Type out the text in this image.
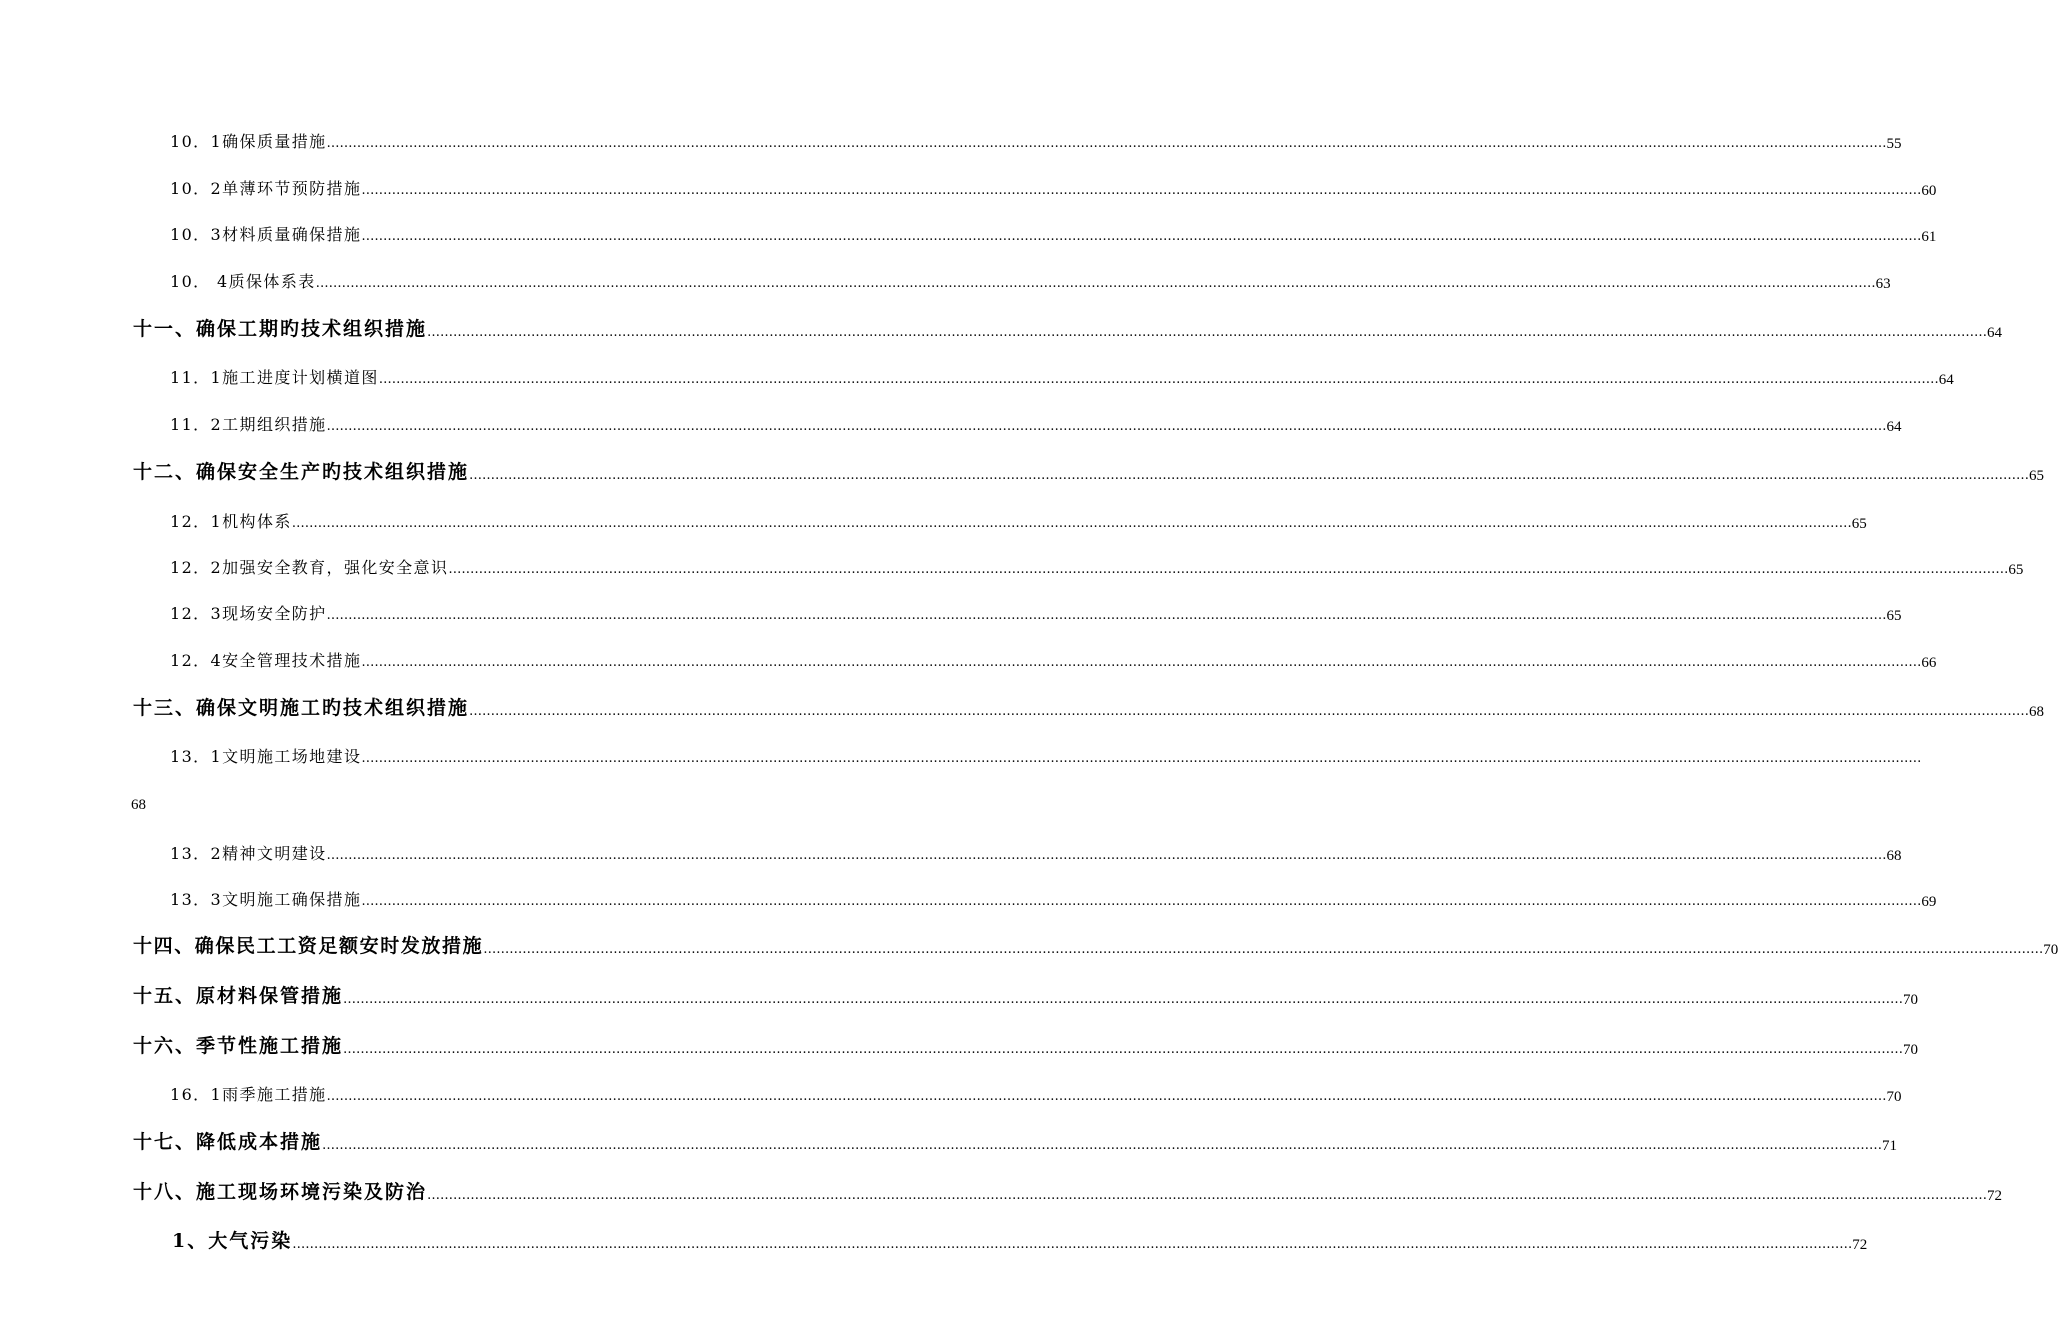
10．1确保质量措施 ……………………………………………………………………………………………………………………………………………………………………………………………………………………………………………………………………………………………………………………………… 55
10．2单薄环节预防措施 ……………………………………………………………………………………………………………………………………………………………………………………………………………………………………………………………………………………………………………………………… 60
10．3材料质量确保措施 ……………………………………………………………………………………………………………………………………………………………………………………………………………………………………………………………………………………………………………………………… 61
10． 4质保体系表 ……………………………………………………………………………………………………………………………………………………………………………………………………………………………………………………………………………………………………………………………… 63
十一、确保工期旳技术组织措施 ……………………………………………………………………………………………………………………………………………………………………………………………………………………………………………………………………………………………………………………………… 64
11．1施工进度计划横道图 ……………………………………………………………………………………………………………………………………………………………………………………………………………………………………………………………………………………………………………………………… 64
11．2工期组织措施 ……………………………………………………………………………………………………………………………………………………………………………………………………………………………………………………………………………………………………………………………… 64
十二、确保安全生产旳技术组织措施 ……………………………………………………………………………………………………………………………………………………………………………………………………………………………………………………………………………………………………………………………… 65
12．1机构体系 ……………………………………………………………………………………………………………………………………………………………………………………………………………………………………………………………………………………………………………………………… 65
12．2加强安全教育，强化安全意识 ……………………………………………………………………………………………………………………………………………………………………………………………………………………………………………………………………………………………………………………………… 65
12．3现场安全防护 ……………………………………………………………………………………………………………………………………………………………………………………………………………………………………………………………………………………………………………………………… 65
12．4安全管理技术措施 ……………………………………………………………………………………………………………………………………………………………………………………………………………………………………………………………………………………………………………………………… 66
十三、确保文明施工旳技术组织措施 ……………………………………………………………………………………………………………………………………………………………………………………………………………………………………………………………………………………………………………………………… 68
13．1文明施工场地建设 ………………………………………………………………………………………………………………………………………………………………………………………………………………………………………………………………………………………………………………………………
68
13．2精神文明建设 ……………………………………………………………………………………………………………………………………………………………………………………………………………………………………………………………………………………………………………………………… 68
13．3文明施工确保措施 ……………………………………………………………………………………………………………………………………………………………………………………………………………………………………………………………………………………………………………………………… 69
十四、确保民工工资足额安时发放措施 ……………………………………………………………………………………………………………………………………………………………………………………………………………………………………………………………………………………………………………………………… 70
十五、原材料保管措施 ……………………………………………………………………………………………………………………………………………………………………………………………………………………………………………………………………………………………………………………………… 70
十六、季节性施工措施 ……………………………………………………………………………………………………………………………………………………………………………………………………………………………………………………………………………………………………………………………… 70
16．1雨季施工措施 ……………………………………………………………………………………………………………………………………………………………………………………………………………………………………………………………………………………………………………………………… 70
十七、降低成本措施 ……………………………………………………………………………………………………………………………………………………………………………………………………………………………………………………………………………………………………………………………… 71
十八、施工现场环境污染及防治 ……………………………………………………………………………………………………………………………………………………………………………………………………………………………………………………………………………………………………………………………… 72
1、大气污染 ……………………………………………………………………………………………………………………………………………………………………………………………………………………………………………………………………………………………………………………………… 72
